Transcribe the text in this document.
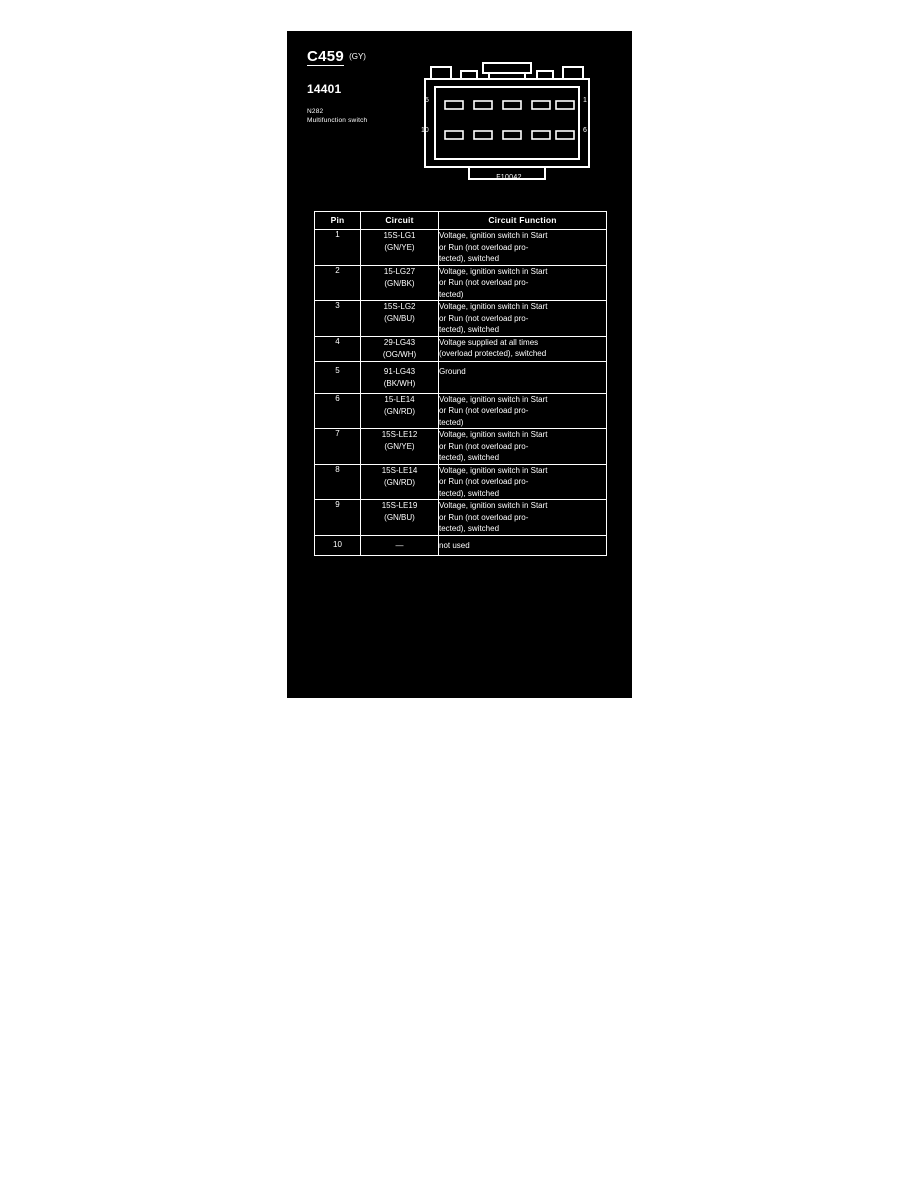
C459 (GY)
14401
N282
Multifunction switch
5	1
10	6
F10042
Pin	Circuit	Circuit Function
1	15S-LG1
(GN/YE)	Voltage, ignition switch in Start
or Run (not overload pro-
tected), switched

2	15-LG27
(GN/BK)	Voltage, ignition switch in Start
or Run (not overload pro-
tected)

3	15S-LG2
(GN/BU)	Voltage, ignition switch in Start
or Run (not overload pro-
tected), switched

4	29-LG43
(OG/WH)	Voltage supplied at all times
(overload protected), switched

5	91-LG43
(BK/WH)	Ground

6	15-LE14
(GN/RD)	Voltage, ignition switch in Start
or Run (not overload pro-
tected)

7	15S-LE12
(GN/YE)	Voltage, ignition switch in Start
or Run (not overload pro-
tected), switched

8	15S-LE14
(GN/RD)	Voltage, ignition switch in Start
or Run (not overload pro-
tected), switched

9	15S-LE19
(GN/BU)	Voltage, ignition switch in Start
or Run (not overload pro-
tected), switched

10	—	not used
